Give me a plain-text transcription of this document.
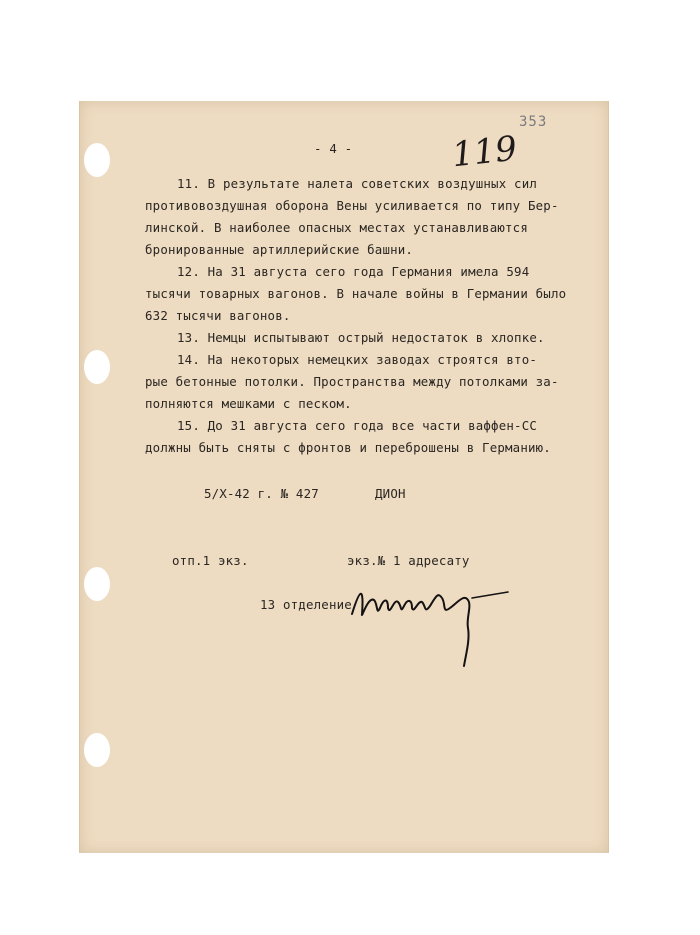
353
119
- 4 -
11. В результате налета советских воздушных сил
противовоздушная оборона Вены усиливается по типу Бер-
линской. В наиболее опасных местах устанавливаются
бронированные артиллерийские башни.
12. На 31 августа сего года Германия имела 594
тысячи товарных вагонов. В начале войны в Германии было
632 тысячи вагонов.
13. Немцы испытывают острый недостаток в хлопке.
14. На некоторых немецких заводах строятся вто-
рые бетонные потолки. Пространства между потолками за-
полняются мешками с песком.
15. До 31 августа сего года все части ваффен-СС
должны быть сняты с фронтов и переброшены в Германию.
5/X-42 г. № 427	ДИОН
отп.1 экз.	экз.№ 1 адресату
13 отделение
